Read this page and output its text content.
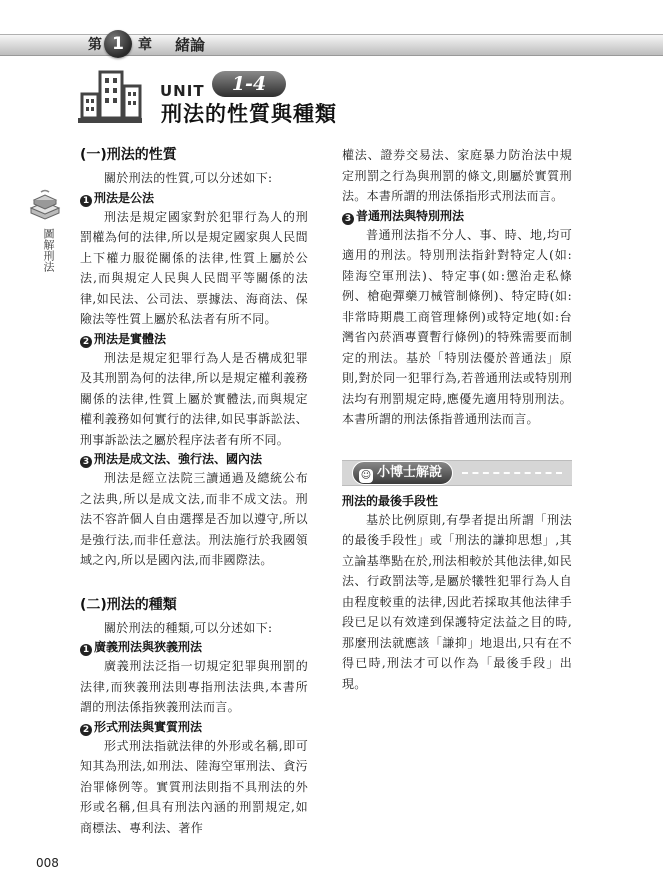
第 1	章 緒論
UNIT	1-4
刑法的性質與種類
圖解刑法

(一)刑法的性質

關於刑法的性質,可以分述如下:

1 刑法是公法

刑法是規定國家對於犯罪行為人的刑罰權為何的法律,所以是規定國家與人民間上下權力服從關係的法律,性質上屬於公法,而與規定人民與人民間平等關係的法律,如民法、公司法、票據法、海商法、保險法等性質上屬於私法者有所不同。

2 刑法是實體法

刑法是規定犯罪行為人是否構成犯罪及其刑罰為何的法律,所以是規定權利義務關係的法律,性質上屬於實體法,而與規定權利義務如何實行的法律,如民事訴訟法、刑事訴訟法之屬於程序法者有所不同。

3 刑法是成文法、強行法、國內法

刑法是經立法院三讀通過及總統公布之法典,所以是成文法,而非不成文法。刑法不容許個人自由選擇是否加以遵守,所以是強行法,而非任意法。刑法施行於我國領域之內,所以是國內法,而非國際法。

(二)刑法的種類

關於刑法的種類,可以分述如下:

1 廣義刑法與狹義刑法

廣義刑法泛指一切規定犯罪與刑罰的法律,而狹義刑法則專指刑法法典,本書所謂的刑法係指狹義刑法而言。

2 形式刑法與實質刑法

形式刑法指就法律的外形或名稱,即可知其為刑法,如刑法、陸海空軍刑法、貪污治罪條例等。實質刑法則指不具刑法的外形或名稱,但具有刑法內涵的刑罰規定,如商標法、專利法、著作

權法、證券交易法、家庭暴力防治法中規定刑罰之行為與刑罰的條文,則屬於實質刑法。本書所謂的刑法係指形式刑法而言。

3 普通刑法與特別刑法

普通刑法指不分人、事、時、地,均可適用的刑法。特別刑法指針對特定人(如:陸海空軍刑法)、特定事(如:懲治走私條例、槍砲彈藥刀械管制條例)、特定時(如:非常時期農工商管理條例)或特定地(如:台灣省內菸酒專賣暫行條例)的特殊需要而制定的刑法。基於「特別法優於普通法」原則,對於同一犯罪行為,若普通刑法或特別刑法均有刑罰規定時,應優先適用特別刑法。本書所謂的刑法係指普通刑法而言。

☺ 小博士解說

刑法的最後手段性

基於比例原則,有學者提出所謂「刑法的最後手段性」或「刑法的謙抑思想」,其立論基準點在於,刑法相較於其他法律,如民法、行政罰法等,是屬於犧牲犯罪行為人自由程度較重的法律,因此若採取其他法律手段已足以有效達到保護特定法益之目的時,那麼刑法就應該「謙抑」地退出,只有在不得已時,刑法才可以作為「最後手段」出現。

008
